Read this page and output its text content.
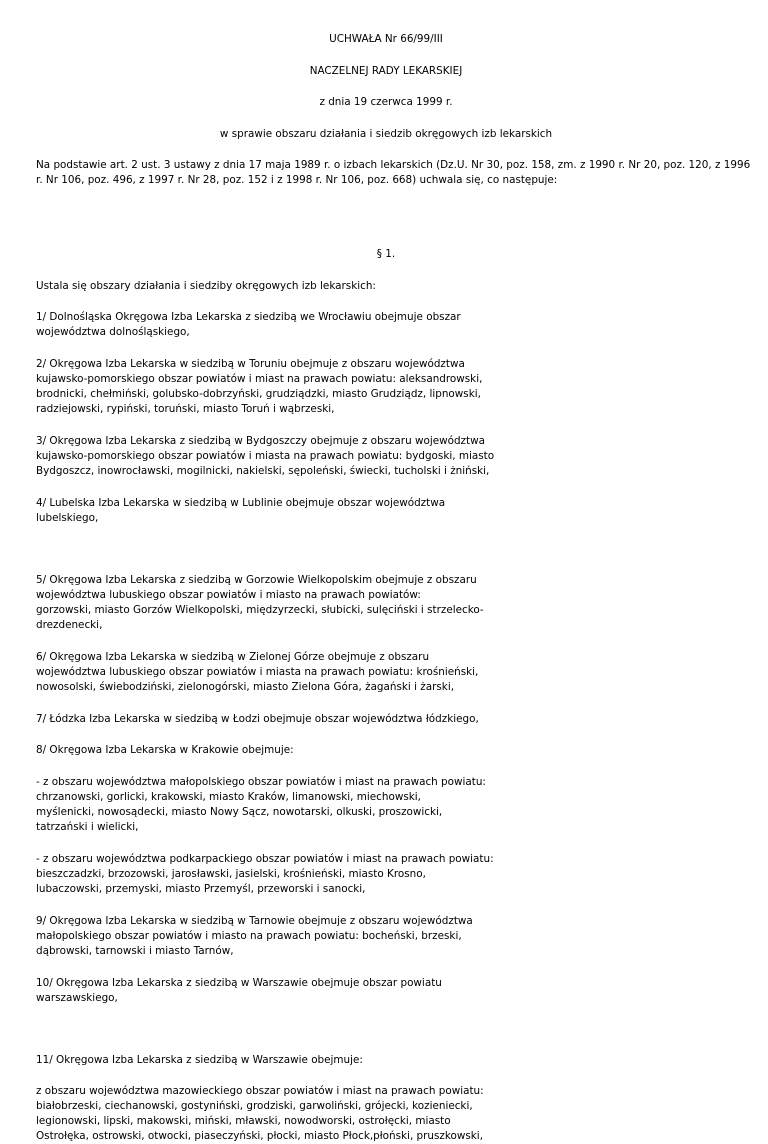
UCHWAŁA Nr 66/99/III

NACZELNEJ RADY LEKARSKIEJ

z dnia 19 czerwca 1999 r.

w sprawie obszaru działania i siedzib okręgowych izb lekarskich

Na podstawie art. 2 ust. 3 ustawy z dnia 17 maja 1989 r. o izbach lekarskich (Dz.U. Nr 30, poz. 158, zm. z 1990 r. Nr 20, poz. 120, z 1996
r. Nr 106, poz. 496, z 1997 r. Nr 28, poz. 152 i z 1998 r. Nr 106, poz. 668) uchwala się, co następuje:

§ 1.

Ustala się obszary działania i siedziby okręgowych izb lekarskich:

1/ Dolnośląska Okręgowa Izba Lekarska z siedzibą we Wrocławiu obejmuje obszar
województwa dolnośląskiego,
2/ Okręgowa Izba Lekarska w siedzibą w Toruniu obejmuje z obszaru województwa
kujawsko-pomorskiego obszar powiatów i miast na prawach powiatu: aleksandrowski,
brodnicki, chełmiński, golubsko-dobrzyński, grudziądzki, miasto Grudziądz, lipnowski,
radziejowski, rypiński, toruński, miasto Toruń i wąbrzeski,
3/ Okręgowa Izba Lekarska z siedzibą w Bydgoszczy obejmuje z obszaru województwa
kujawsko-pomorskiego obszar powiatów i miasta na prawach powiatu: bydgoski, miasto
Bydgoszcz, inowrocławski, mogilnicki, nakielski, sępoleński, świecki, tucholski i żniński,
4/ Lubelska Izba Lekarska w siedzibą w Lublinie obejmuje obszar województwa
lubelskiego,
5/ Okręgowa Izba Lekarska z siedzibą w Gorzowie Wielkopolskim obejmuje z obszaru
województwa lubuskiego obszar powiatów i miasto na prawach powiatów:
gorzowski, miasto Gorzów Wielkopolski, międzyrzecki, słubicki, sulęciński i strzelecko-
drezdenecki,
6/ Okręgowa Izba Lekarska w siedzibą w Zielonej Górze obejmuje z obszaru
województwa lubuskiego obszar powiatów i miasta na prawach powiatu: krośnieński,
nowosolski, świebodziński, zielonogórski, miasto Zielona Góra, żagański i żarski,
7/ Łódzka Izba Lekarska w siedzibą w Łodzi obejmuje obszar województwa łódzkiego,
8/ Okręgowa Izba Lekarska w Krakowie obejmuje:
- z obszaru województwa małopolskiego obszar powiatów i miast na prawach powiatu:
chrzanowski, gorlicki, krakowski, miasto Kraków, limanowski, miechowski,
myślenicki, nowosądecki, miasto Nowy Sącz, nowotarski, olkuski, proszowicki,
tatrzański i wielicki,
- z obszaru województwa podkarpackiego obszar powiatów i miast na prawach powiatu:
bieszczadzki, brzozowski, jarosławski, jasielski, krośnieński, miasto Krosno,
lubaczowski, przemyski, miasto Przemyśl, przeworski i sanocki,
9/ Okręgowa Izba Lekarska w siedzibą w Tarnowie obejmuje z obszaru województwa
małopolskiego obszar powiatów i miasto na prawach powiatu: bocheński, brzeski,
dąbrowski, tarnowski i miasto Tarnów,
10/ Okręgowa Izba Lekarska z siedzibą w Warszawie obejmuje obszar powiatu
warszawskiego,
11/ Okręgowa Izba Lekarska z siedzibą w Warszawie obejmuje:
z obszaru województwa mazowieckiego obszar powiatów i miast na prawach powiatu:
białobrzeski, ciechanowski, gostyniński, grodziski, garwoliński, grójecki, kozieniecki,
legionowski, lipski, makowski, miński, mławski, nowodworski, ostrołęcki, miasto
Ostrołęka, ostrowski, otwocki, piaseczyński, płocki, miasto Płock,płoński, pruszkowski,
